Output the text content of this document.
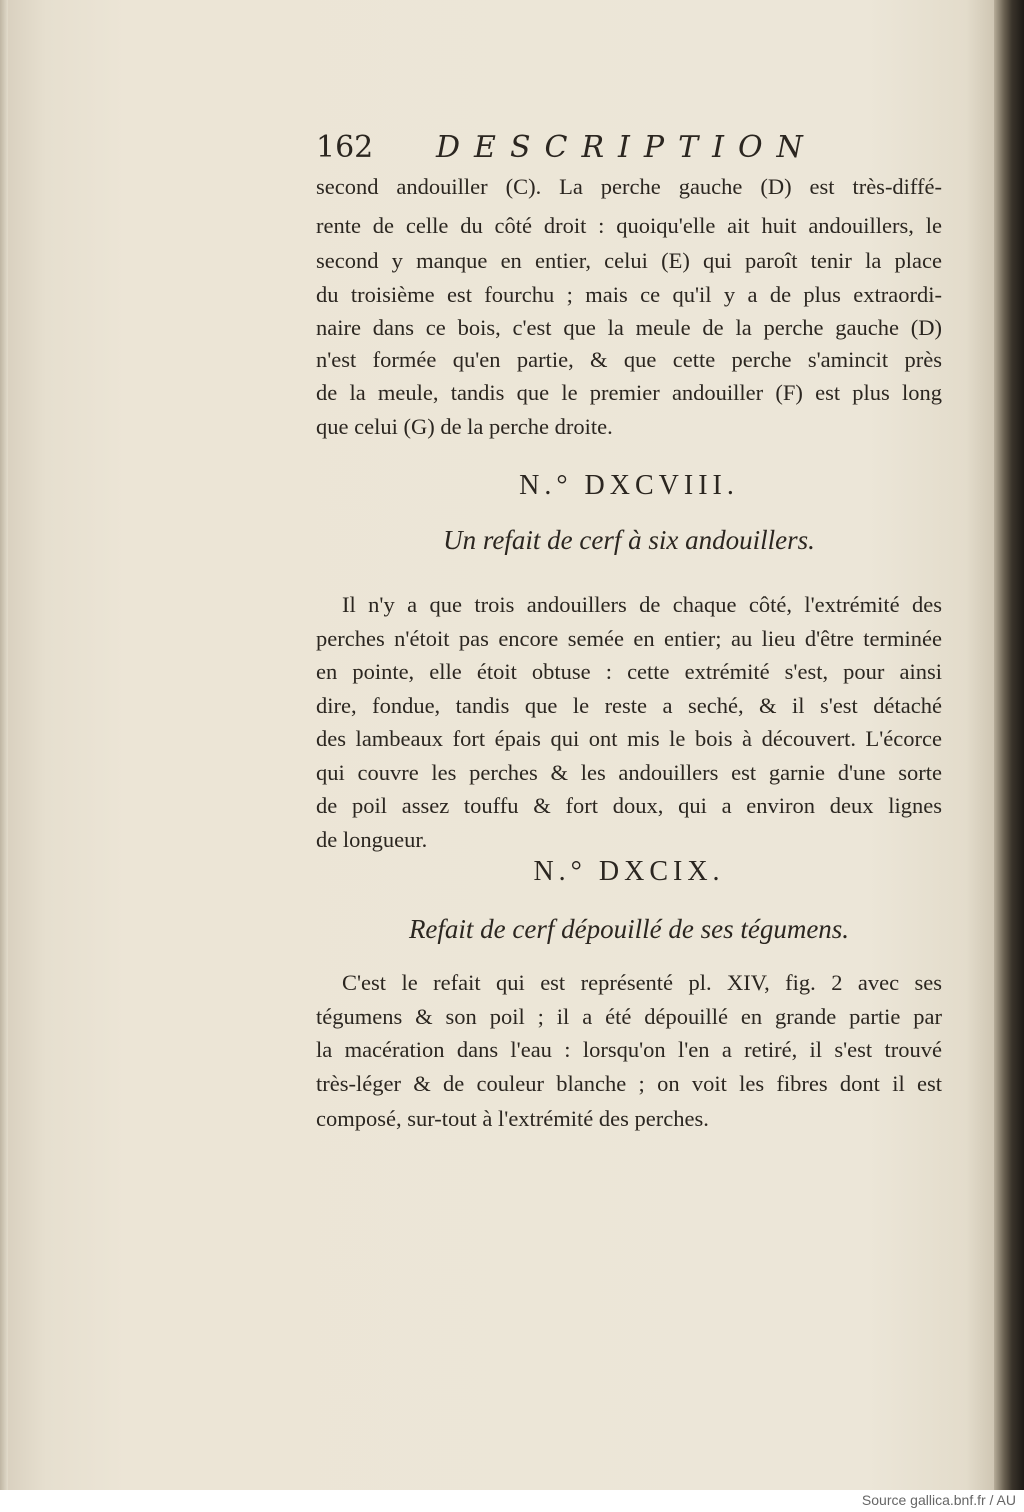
162 DESCRIPTION
second andouiller (C). La perche gauche (D) est très-diffé-
rente de celle du côté droit : quoiqu'elle ait huit andouillers, le
second y manque en entier, celui (E) qui paroît tenir la place
du troisième est fourchu ; mais ce qu'il y a de plus extraordi-
naire dans ce bois, c'est que la meule de la perche gauche (D)
n'est formée qu'en partie, & que cette perche s'amincit près
de la meule, tandis que le premier andouiller (F) est plus long
que celui (G) de la perche droite.
N.° DXCVIII.
Un refait de cerf à six andouillers.
Il n'y a que trois andouillers de chaque côté, l'extrémité des
perches n'étoit pas encore semée en entier; au lieu d'être terminée
en pointe, elle étoit obtuse : cette extrémité s'est, pour ainsi
dire, fondue, tandis que le reste a seché, & il s'est détaché
des lambeaux fort épais qui ont mis le bois à découvert. L'écorce
qui couvre les perches & les andouillers est garnie d'une sorte
de poil assez touffu & fort doux, qui a environ deux lignes
de longueur.
N.° DXCIX.
Refait de cerf dépouillé de ses tégumens.
C'est le refait qui est représenté pl. XIV, fig. 2 avec ses
tégumens & son poil ; il a été dépouillé en grande partie par
la macération dans l'eau : lorsqu'on l'en a retiré, il s'est trouvé
très-léger & de couleur blanche ; on voit les fibres dont il est
composé, sur-tout à l'extrémité des perches.
Source gallica.bnf.fr / AU
